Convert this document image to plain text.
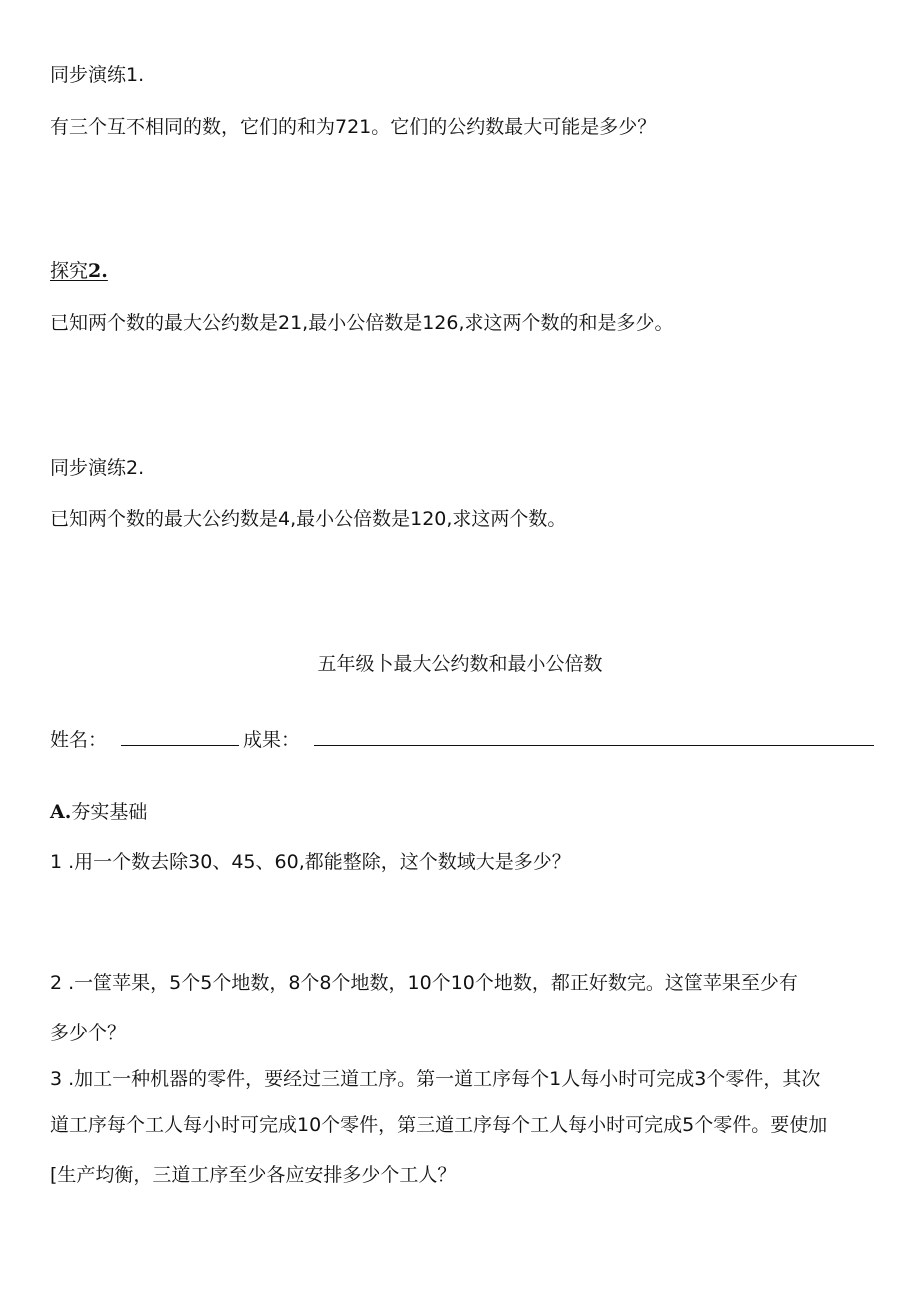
同步演练1.
有三个互不相同的数，它们的和为721。它们的公约数最大可能是多少？
探究2.
已知两个数的最大公约数是21,最小公倍数是126,求这两个数的和是多少。
同步演练2.
已知两个数的最大公约数是4,最小公倍数是120,求这两个数。
五年级卜最大公约数和最小公倍数
姓名：	成果：
A.夯实基础
1 .用一个数去除30、45、60,都能整除，这个数域大是多少？
2 .一筐苹果，5个5个地数，8个8个地数，10个10个地数，都正好数完。这筐苹果至少有
多少个？
3 .加工一种机器的零件，要经过三道工序。第一道工序每个1人每小时可完成3个零件，其次
道工序每个工人每小时可完成10个零件，第三道工序每个工人每小时可完成5个零件。要使加
[生产均衡，三道工序至少各应安排多少个工人？
